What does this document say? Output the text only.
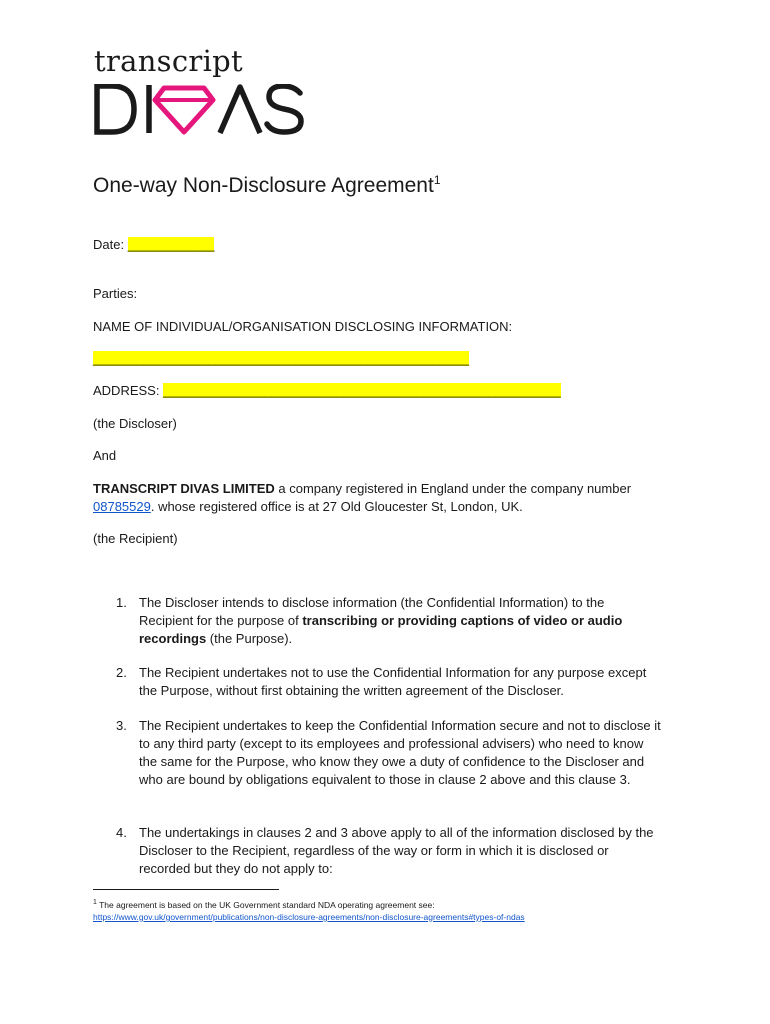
transcript
DIVAS
One-way Non-Disclosure Agreement$^1$
Date: ____________
Parties:
NAME OF INDIVIDUAL/ORGANISATION DISCLOSING INFORMATION:
____________________________________________________
ADDRESS: _______________________________________________________
(the Discloser)
And
TRANSCRIPT DIVAS LIMITED a company registered in England under the company number 08785529. whose registered office is at 27 Old Gloucester St, London, UK.
(the Recipient)
1. The Discloser intends to disclose information (the Confidential Information) to the Recipient for the purpose of transcribing or providing captions of video or audio recordings (the Purpose).
2. The Recipient undertakes not to use the Confidential Information for any purpose except the Purpose, without first obtaining the written agreement of the Discloser.
3. The Recipient undertakes to keep the Confidential Information secure and not to disclose it to any third party (except to its employees and professional advisers) who need to know the same for the Purpose, who know they owe a duty of confidence to the Discloser and who are bound by obligations equivalent to those in clause 2 above and this clause 3.
4. The undertakings in clauses 2 and 3 above apply to all of the information disclosed by the Discloser to the Recipient, regardless of the way or form in which it is disclosed or recorded but they do not apply to:
$^1$ The agreement is based on the UK Government standard NDA operating agreement see:
https://www.gov.uk/government/publications/non-disclosure-agreements/non-disclosure-agreements#types-of-ndas
